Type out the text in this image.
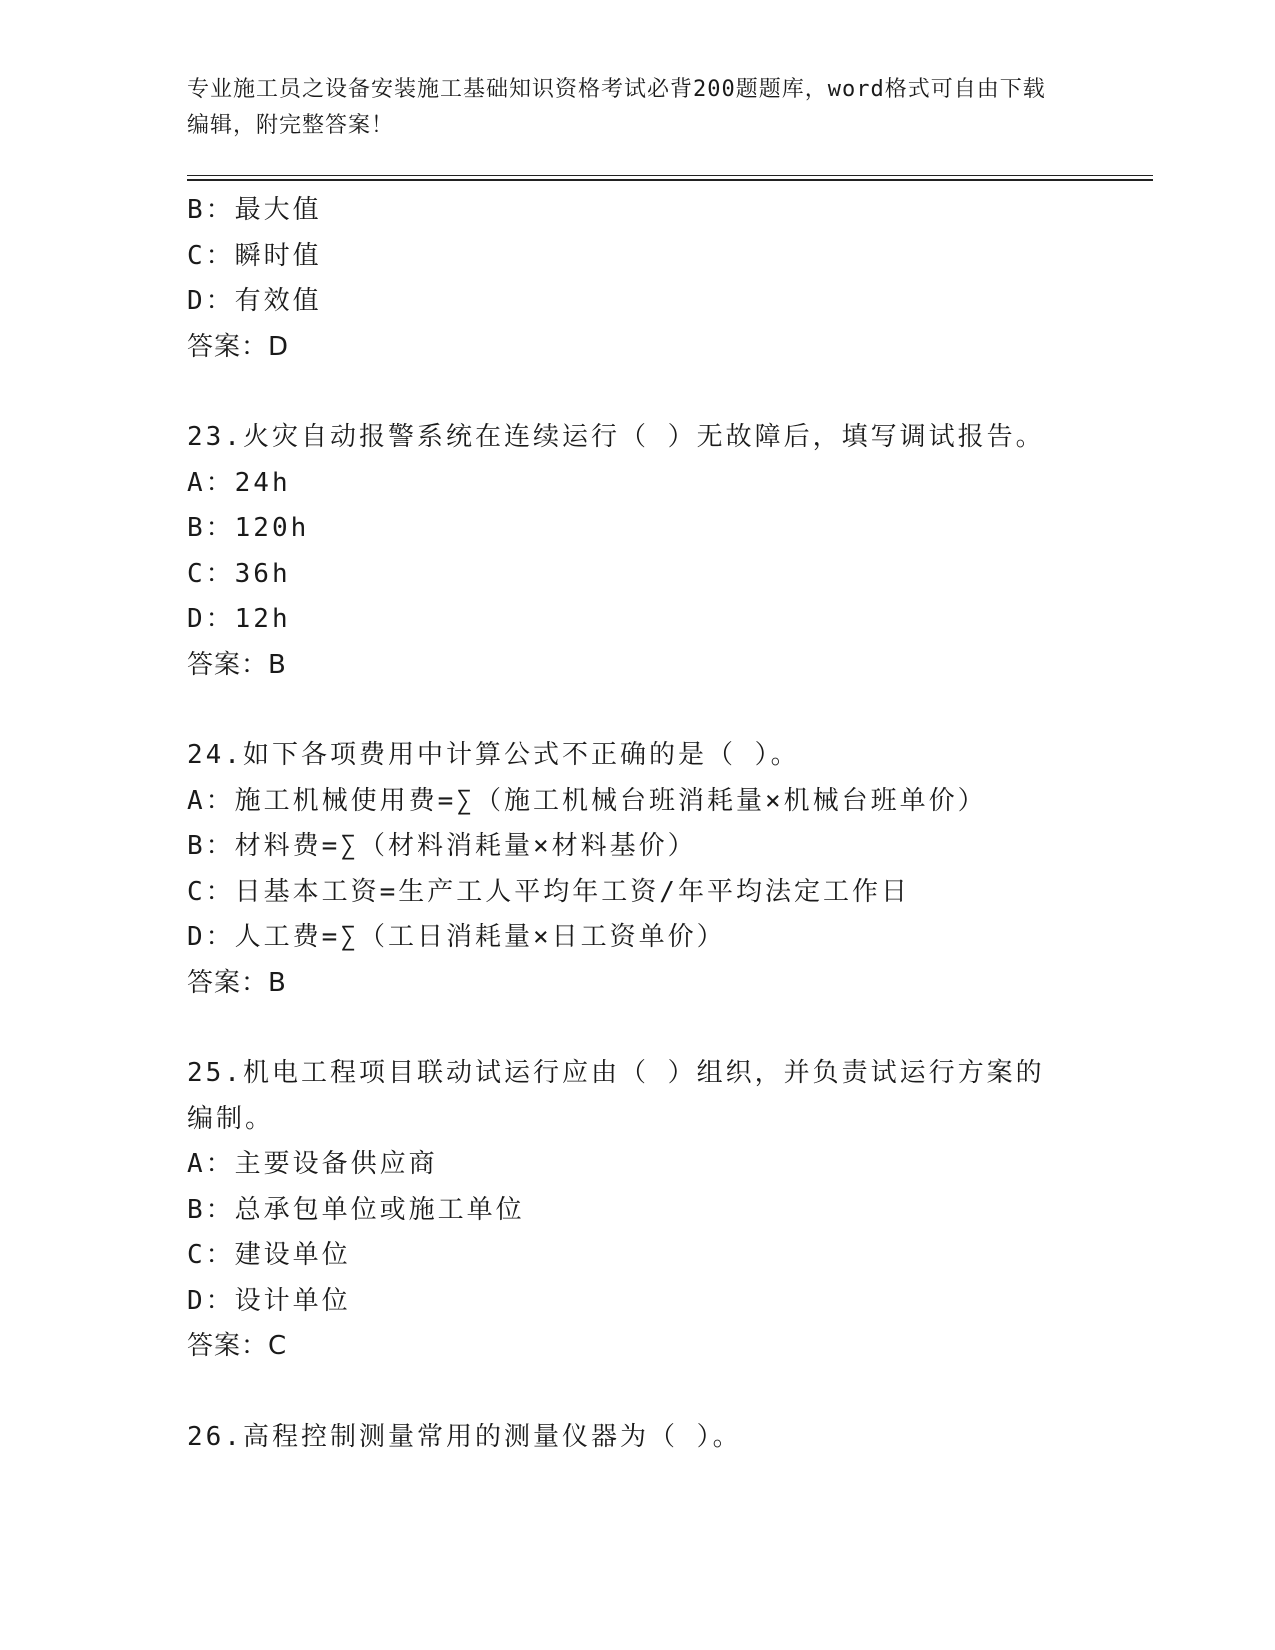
专业施工员之设备安装施工基础知识资格考试必背200题题库，word格式可自由下载编辑，附完整答案！
B：最大值
C：瞬时值
D：有效值
答案：D
23.火灾自动报警系统在连续运行（ ）无故障后，填写调试报告。
A：24h
B：120h
C：36h
D：12h
答案：B
24.如下各项费用中计算公式不正确的是（ ）。
A：施工机械使用费=∑（施工机械台班消耗量×机械台班单价）
B：材料费=∑（材料消耗量×材料基价）
C：日基本工资=生产工人平均年工资/年平均法定工作日
D：人工费=∑（工日消耗量×日工资单价）
答案：B
25.机电工程项目联动试运行应由（ ）组织，并负责试运行方案的编制。
A：主要设备供应商
B：总承包单位或施工单位
C：建设单位
D：设计单位
答案：C
26.高程控制测量常用的测量仪器为（ ）。
